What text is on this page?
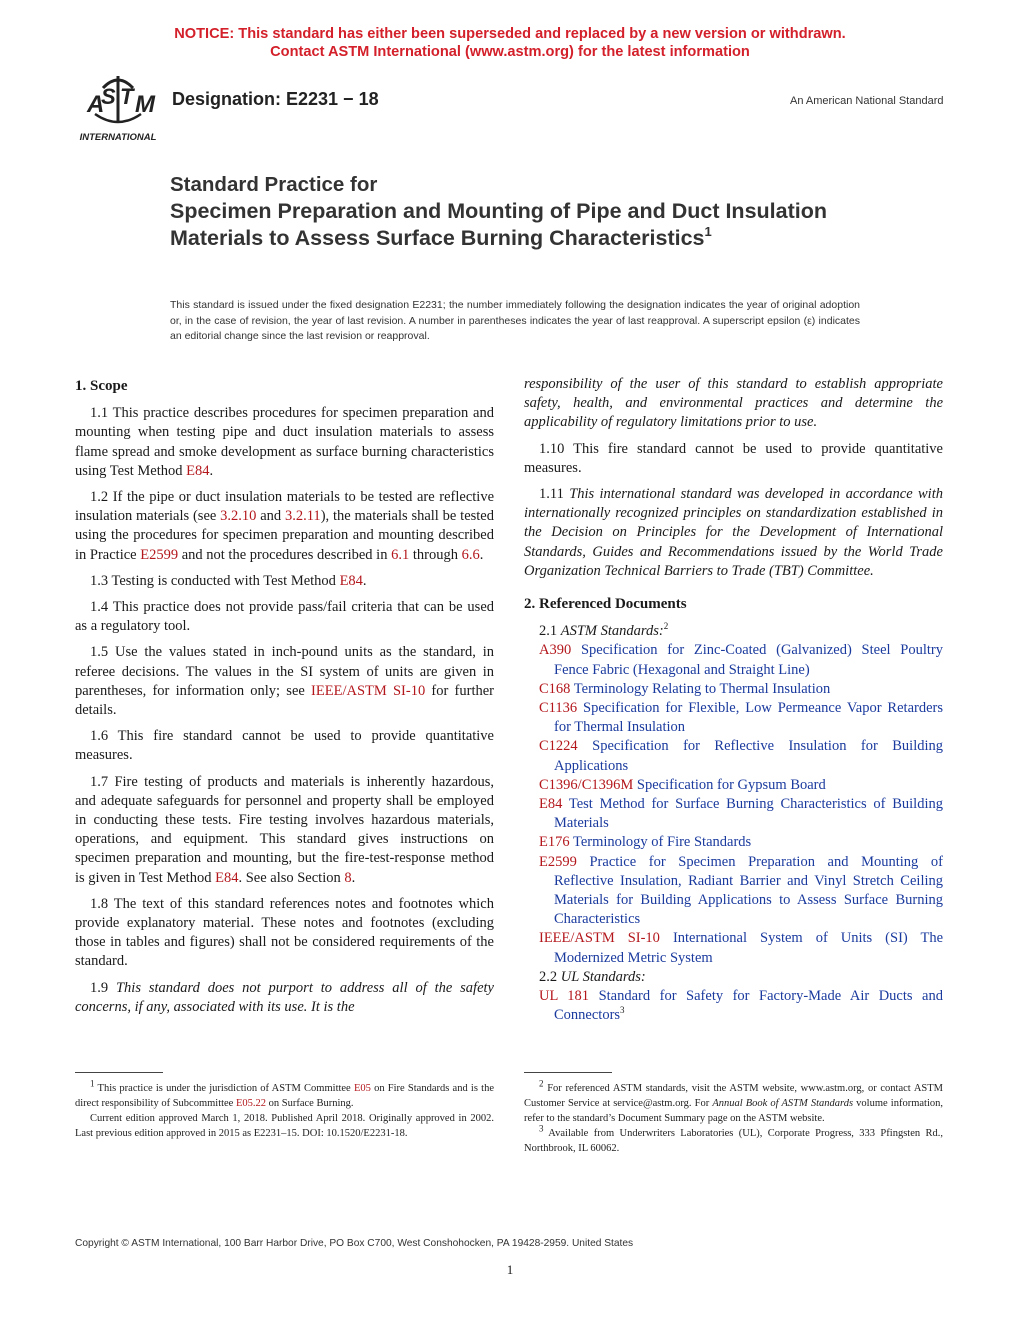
NOTICE: This standard has either been superseded and replaced by a new version or withdrawn.
Contact ASTM International (www.astm.org) for the latest information
A
S T M
INTERNATIONAL
Designation: E2231 − 18	An American National Standard
Standard Practice for
Specimen Preparation and Mounting of Pipe and Duct Insulation Materials to Assess Surface Burning Characteristics$^1$
This standard is issued under the fixed designation E2231; the number immediately following the designation indicates the year of original adoption or, in the case of revision, the year of last revision. A number in parentheses indicates the year of last reapproval. A superscript epsilon (ε) indicates an editorial change since the last revision or reapproval.
1. Scope

1.1 This practice describes procedures for specimen preparation and mounting when testing pipe and duct insulation materials to assess flame spread and smoke development as surface burning characteristics using Test Method E84.

1.2 If the pipe or duct insulation materials to be tested are reflective insulation materials (see 3.2.10 and 3.2.11), the materials shall be tested using the procedures for specimen preparation and mounting described in Practice E2599 and not the procedures described in 6.1 through 6.6.

1.3 Testing is conducted with Test Method E84.

1.4 This practice does not provide pass/fail criteria that can be used as a regulatory tool.

1.5 Use the values stated in inch-pound units as the standard, in referee decisions. The values in the SI system of units are given in parentheses, for information only; see IEEE/ASTM SI-10 for further details.

1.6 This fire standard cannot be used to provide quantitative measures.

1.7 Fire testing of products and materials is inherently hazardous, and adequate safeguards for personnel and property shall be employed in conducting these tests. Fire testing involves hazardous materials, operations, and equipment. This standard gives instructions on specimen preparation and mounting, but the fire-test-response method is given in Test Method E84. See also Section 8.

1.8 The text of this standard references notes and footnotes which provide explanatory material. These notes and footnotes (excluding those in tables and figures) shall not be considered requirements of the standard.

1.9 This standard does not purport to address all of the safety concerns, if any, associated with its use. It is the

responsibility of the user of this standard to establish appropriate safety, health, and environmental practices and determine the applicability of regulatory limitations prior to use.

1.10 This fire standard cannot be used to provide quantitative measures.

1.11 This international standard was developed in accordance with internationally recognized principles on standardization established in the Decision on Principles for the Development of International Standards, Guides and Recommendations issued by the World Trade Organization Technical Barriers to Trade (TBT) Committee.

2. Referenced Documents

2.1 ASTM Standards:$^2$

A390 Specification for Zinc-Coated (Galvanized) Steel Poultry Fence Fabric (Hexagonal and Straight Line)

C168 Terminology Relating to Thermal Insulation

C1136 Specification for Flexible, Low Permeance Vapor Retarders for Thermal Insulation

C1224 Specification for Reflective Insulation for Building Applications

C1396/C1396M Specification for Gypsum Board

E84 Test Method for Surface Burning Characteristics of Building Materials

E176 Terminology of Fire Standards

E2599 Practice for Specimen Preparation and Mounting of Reflective Insulation, Radiant Barrier and Vinyl Stretch Ceiling Materials for Building Applications to Assess Surface Burning Characteristics

IEEE/ASTM SI-10 International System of Units (SI) The Modernized Metric System

2.2 UL Standards:

UL 181 Standard for Safety for Factory-Made Air Ducts and Connectors$^3$

$^1$ This practice is under the jurisdiction of ASTM Committee E05 on Fire Standards and is the direct responsibility of Subcommittee E05.22 on Surface Burning.

Current edition approved March 1, 2018. Published April 2018. Originally approved in 2002. Last previous edition approved in 2015 as E2231–15. DOI: 10.1520/E2231-18.

$^2$ For referenced ASTM standards, visit the ASTM website, www.astm.org, or contact ASTM Customer Service at service@astm.org. For Annual Book of ASTM Standards volume information, refer to the standard’s Document Summary page on the ASTM website.

$^3$ Available from Underwriters Laboratories (UL), Corporate Progress, 333 Pfingsten Rd., Northbrook, IL 60062.

Copyright © ASTM International, 100 Barr Harbor Drive, PO Box C700, West Conshohocken, PA 19428-2959. United States
1
